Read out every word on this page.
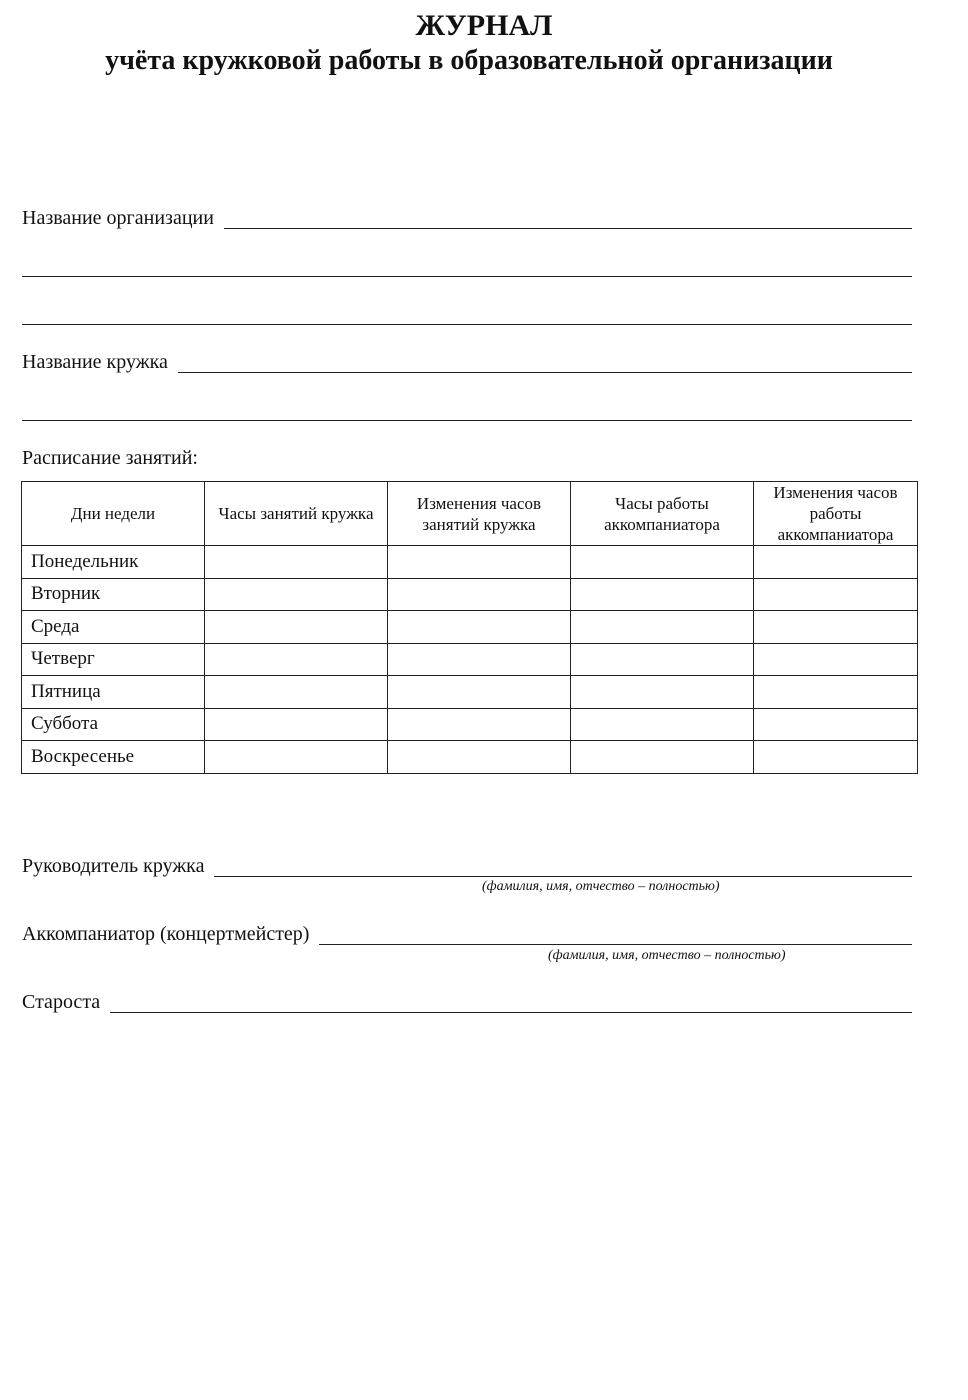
ЖУРНАЛ
учёта кружковой работы в образовательной организации
Название организации
Название кружка
Расписание занятий:
Дни недели	Часы занятий кружка	Изменения часов занятий кружка	Часы работы аккомпаниатора	Изменения часов работы аккомпаниатора
Понедельник				
Вторник				
Среда				
Четверг				
Пятница				
Суббота				
Воскресенье				
Руководитель кружка
(фамилия, имя, отчество – полностью)
Аккомпаниатор (концертмейстер)
(фамилия, имя, отчество – полностью)
Староста
